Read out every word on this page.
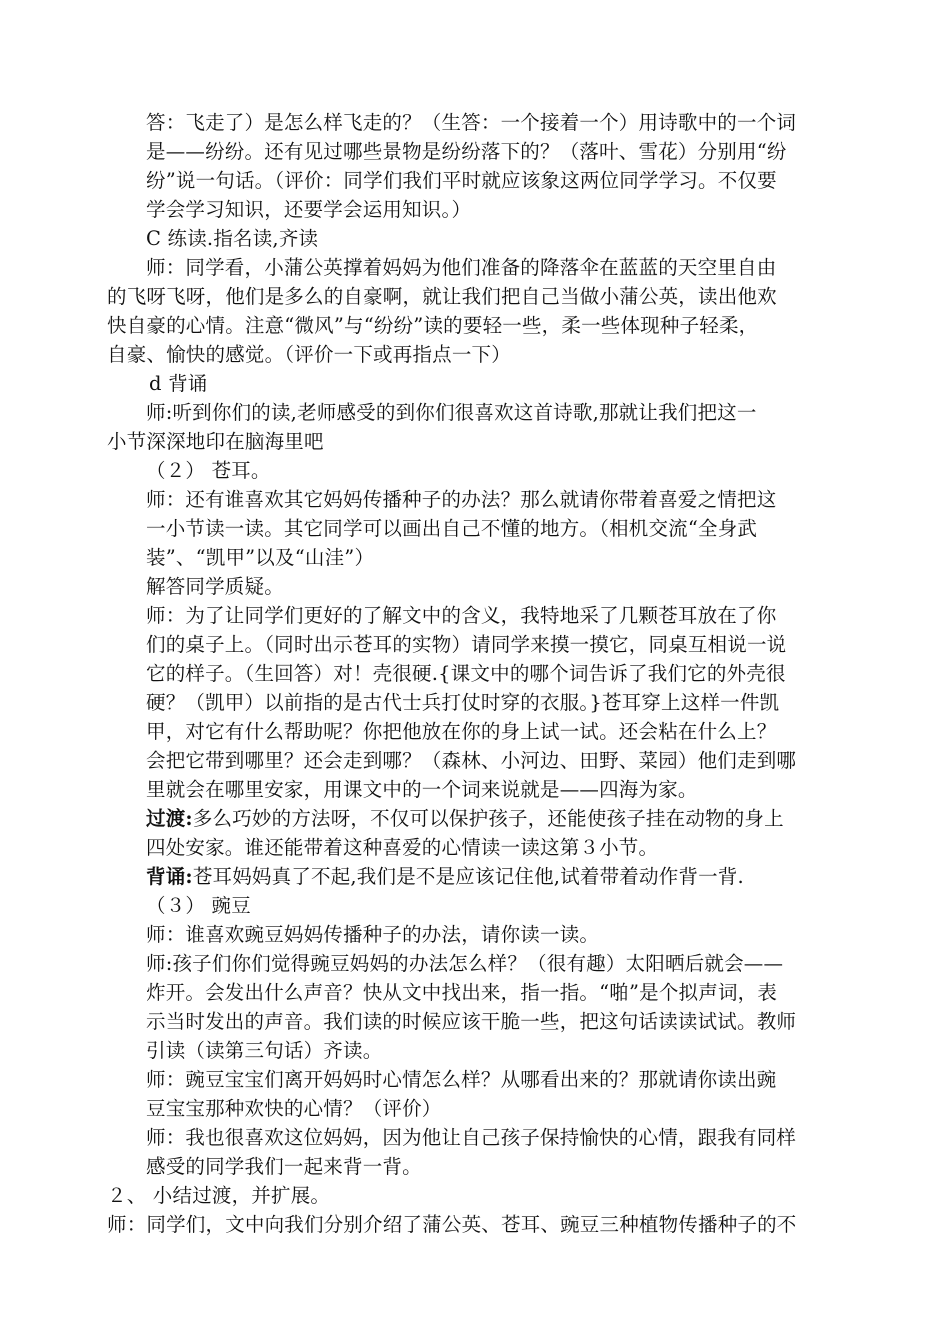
答：飞走了）是怎么样飞走的？（生答：一个接着一个）用诗歌中的一个词
是——纷纷。还有见过哪些景物是纷纷落下的？（落叶、雪花）分别用“纷
纷”说一句话。（评价：同学们我们平时就应该象这两位同学学习。不仅要
学会学习知识，还要学会运用知识。）
C 练读.指名读,齐读
师：同学看，小蒲公英撑着妈妈为他们准备的降落伞在蓝蓝的天空里自由
的飞呀飞呀，他们是多么的自豪啊，就让我们把自己当做小蒲公英，读出他欢
快自豪的心情。注意“微风”与“纷纷”读的要轻一些，柔一些体现种子轻柔，
自豪、愉快的感觉。（评价一下或再指点一下）
d 背诵
师:听到你们的读,老师感受的到你们很喜欢这首诗歌,那就让我们把这一
小节深深地印在脑海里吧
（２） 苍耳。
师：还有谁喜欢其它妈妈传播种子的办法？那么就请你带着喜爱之情把这
一小节读一读。其它同学可以画出自己不懂的地方。（相机交流“全身武
装”、“凯甲”以及“山洼”）
解答同学质疑。
师：为了让同学们更好的了解文中的含义，我特地采了几颗苍耳放在了你
们的桌子上。（同时出示苍耳的实物）请同学来摸一摸它，同桌互相说一说
它的样子。（生回答）对！壳很硬.{课文中的哪个词告诉了我们它的外壳很
硬？（凯甲）以前指的是古代士兵打仗时穿的衣服。}苍耳穿上这样一件凯
甲，对它有什么帮助呢？你把他放在你的身上试一试。还会粘在什么上？
会把它带到哪里？还会走到哪？（森林、小河边、田野、菜园）他们走到哪
里就会在哪里安家，用课文中的一个词来说就是——四海为家。
过渡:多么巧妙的方法呀，不仅可以保护孩子，还能使孩子挂在动物的身上
四处安家。谁还能带着这种喜爱的心情读一读这第３小节。
背诵:苍耳妈妈真了不起,我们是不是应该记住他,试着带着动作背一背.
（３） 豌豆
师：谁喜欢豌豆妈妈传播种子的办法，请你读一读。
师:孩子们你们觉得豌豆妈妈的办法怎么样？（很有趣）太阳晒后就会——
炸开。会发出什么声音？快从文中找出来，指一指。“啪”是个拟声词，表
示当时发出的声音。我们读的时候应该干脆一些，把这句话读读试试。教师
引读（读第三句话）齐读。
师：豌豆宝宝们离开妈妈时心情怎么样？从哪看出来的？那就请你读出豌
豆宝宝那种欢快的心情？（评价）
师：我也很喜欢这位妈妈，因为他让自己孩子保持愉快的心情，跟我有同样
感受的同学我们一起来背一背。
２、 小结过渡，并扩展。
师：同学们，文中向我们分别介绍了蒲公英、苍耳、豌豆三种植物传播种子的不
